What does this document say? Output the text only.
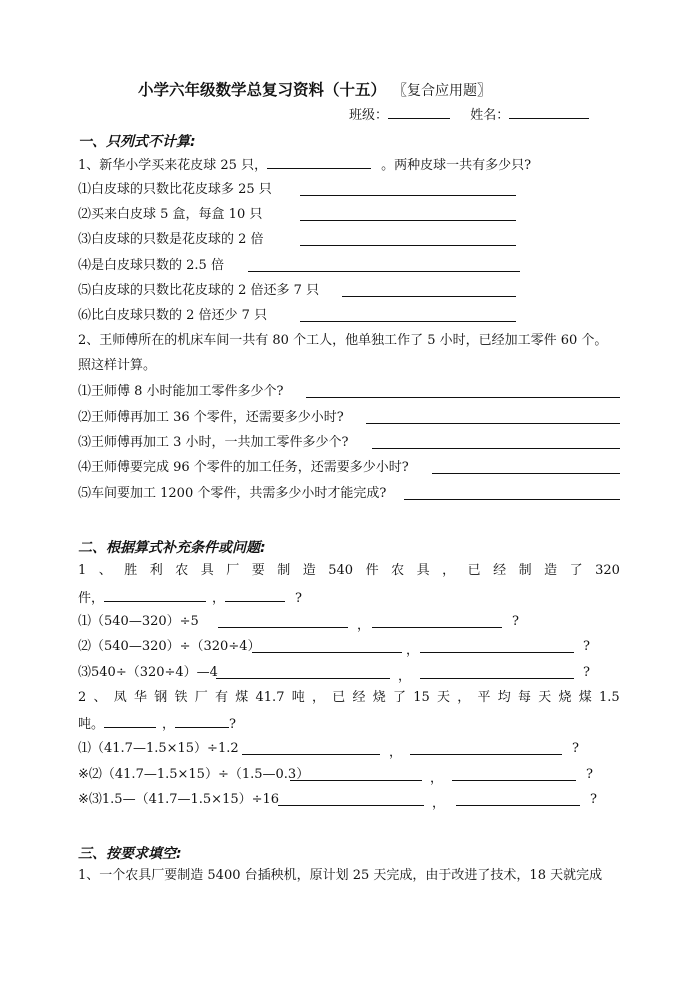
小学六年级数学总复习资料（十五） 〖复合应用题〗
班级：	姓名：
一、只列式不计算:
1、新华小学买来花皮球 25 只，	。两种皮球一共有多少只?
⑴白皮球的只数比花皮球多 25 只
⑵买来白皮球 5 盒，每盒 10 只
⑶白皮球的只数是花皮球的 2 倍
⑷是白皮球只数的 2.5 倍
⑸白皮球的只数比花皮球的 2 倍还多 7 只
⑹比白皮球只数的 2 倍还少 7 只
2、王师傅所在的机床车间一共有 80 个工人，他单独工作了 5 小时，已经加工零件 60 个。
照这样计算。
⑴王师傅 8 小时能加工零件多少个?
⑵王师傅再加工 36 个零件，还需要多少小时?
⑶王师傅再加工 3 小时，一共加工零件多少个?
⑷王师傅要完成 96 个零件的加工任务，还需要多少小时?
⑸车间要加工 1200 个零件，共需多少小时才能完成?
二、根据算式补充条件或问题:
1 、 胜 利 农 具 厂 要 制 造 540 件 农 具 ， 已 经 制 造 了 320
件，	，	?
⑴（540—320）÷5	，	?
⑵（540—320）÷（320÷4）	，	?
⑶540÷（320÷4）—4	，	?
2 、 凤 华 钢 铁 厂 有 煤 41.7 吨 ， 已 经 烧 了 15 天 ， 平 均 每 天 烧 煤 1.5
吨。	，	?
⑴（41.7—1.5×15）÷1.2	，	?
※⑵（41.7—1.5×15）÷（1.5—0.3）	，	?
※⑶1.5—（41.7—1.5×15）÷16	，	?
三、按要求填空:
1、一个农具厂要制造 5400 台插秧机，原计划 25 天完成，由于改进了技术，18 天就完成
